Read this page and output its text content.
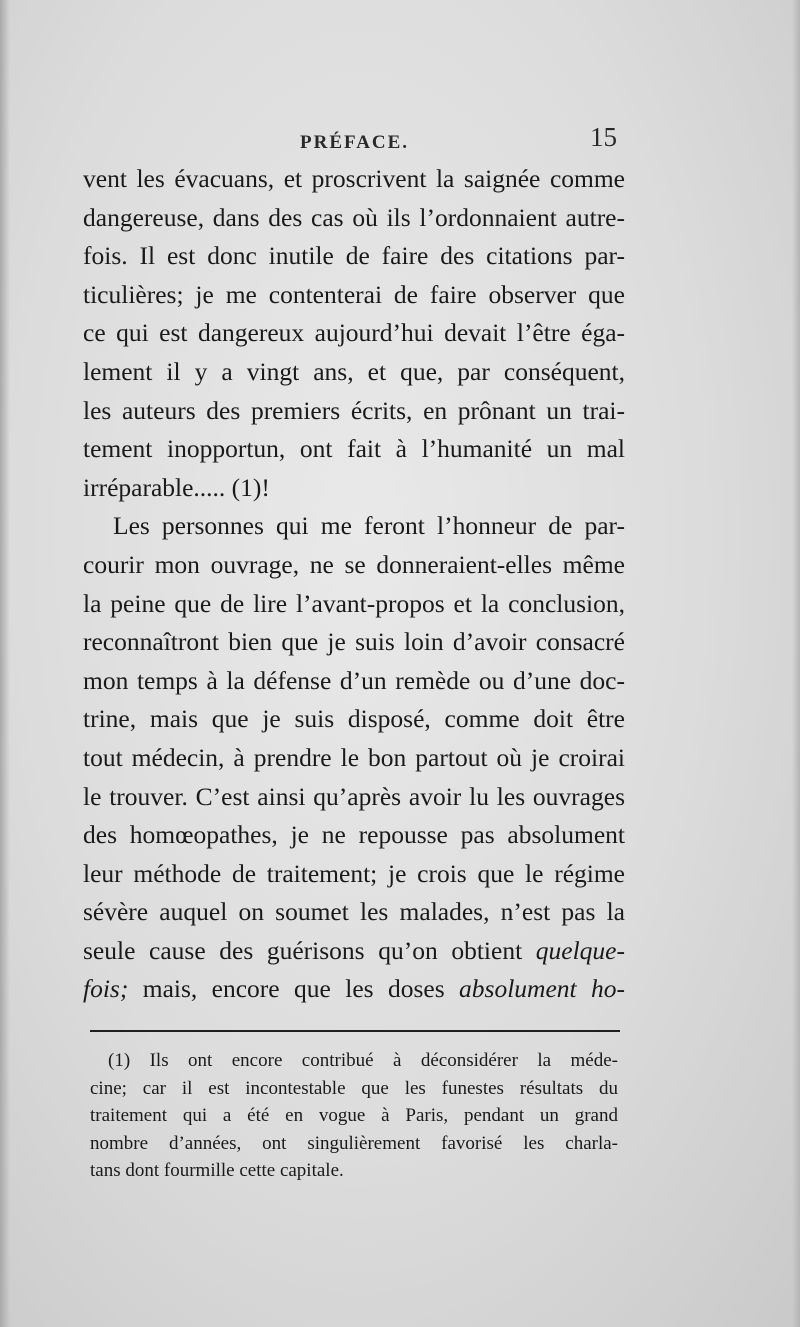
PRÉFACE.	15
vent les évacuans, et proscrivent la saignée comme
dangereuse, dans des cas où ils l’ordonnaient autre-
fois. Il est donc inutile de faire des citations par-
ticulières; je me contenterai de faire observer que
ce qui est dangereux aujourd’hui devait l’être éga-
lement il y a vingt ans, et que, par conséquent,
les auteurs des premiers écrits, en prônant un trai-
tement inopportun, ont fait à l’humanité un mal
irréparable..... (1)!
Les personnes qui me feront l’honneur de par-
courir mon ouvrage, ne se donneraient-elles même
la peine que de lire l’avant-propos et la conclusion,
reconnaîtront bien que je suis loin d’avoir consacré
mon temps à la défense d’un remède ou d’une doc-
trine, mais que je suis disposé, comme doit être
tout médecin, à prendre le bon partout où je croirai
le trouver. C’est ainsi qu’après avoir lu les ouvrages
des homœopathes, je ne repousse pas absolument
leur méthode de traitement; je crois que le régime
sévère auquel on soumet les malades, n’est pas la
seule cause des guérisons qu’on obtient quelque-
fois; mais, encore que les doses absolument ho-
(1) Ils ont encore contribué à déconsidérer la méde-
cine; car il est incontestable que les funestes résultats du
traitement qui a été en vogue à Paris, pendant un grand
nombre d’années, ont singulièrement favorisé les charla-
tans dont fourmille cette capitale.
